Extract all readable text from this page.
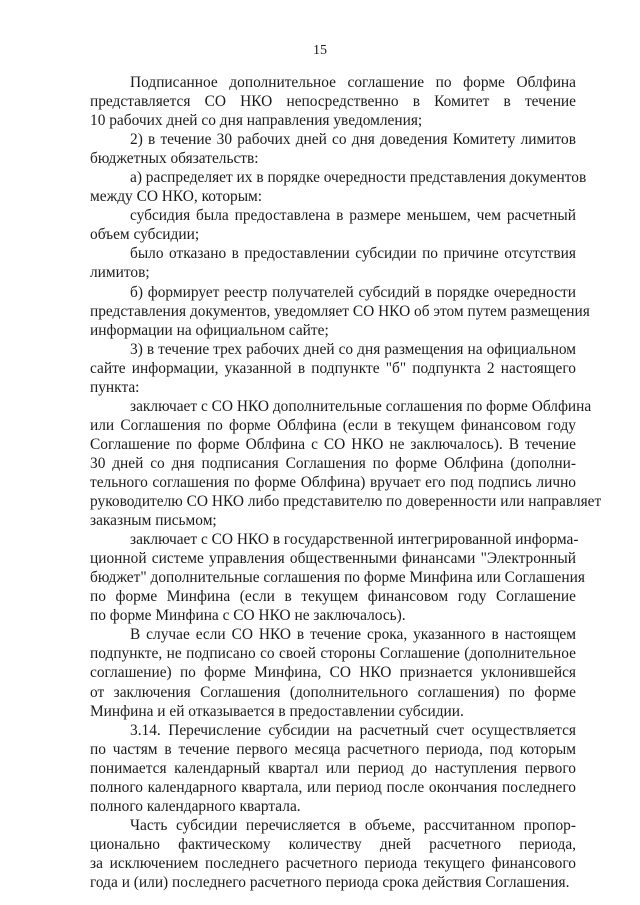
15
Подписанное дополнительное соглашение по форме Облфина
представляется СО НКО непосредственно в Комитет в течение
10 рабочих дней со дня направления уведомления;
2) в течение 30 рабочих дней со дня доведения Комитету лимитов
бюджетных обязательств:
а) распределяет их в порядке очередности представления документов
между СО НКО, которым:
субсидия была предоставлена в размере меньшем, чем расчетный
объем субсидии;
было отказано в предоставлении субсидии по причине отсутствия
лимитов;
б) формирует реестр получателей субсидий в порядке очередности
представления документов, уведомляет СО НКО об этом путем размещения
информации на официальном сайте;
3) в течение трех рабочих дней со дня размещения на официальном
сайте информации, указанной в подпункте "б" подпункта 2 настоящего
пункта:
заключает с СО НКО дополнительные соглашения по форме Облфина
или Соглашения по форме Облфина (если в текущем финансовом году
Соглашение по форме Облфина с СО НКО не заключалось). В течение
30 дней со дня подписания Соглашения по форме Облфина (дополни-
тельного соглашения по форме Облфина) вручает его под подпись лично
руководителю СО НКО либо представителю по доверенности или направляет
заказным письмом;
заключает с СО НКО в государственной интегрированной информа-
ционной системе управления общественными финансами "Электронный
бюджет" дополнительные соглашения по форме Минфина или Соглашения
по форме Минфина (если в текущем финансовом году Соглашение
по форме Минфина с СО НКО не заключалось).
В случае если СО НКО в течение срока, указанного в настоящем
подпункте, не подписано со своей стороны Соглашение (дополнительное
соглашение) по форме Минфина, СО НКО признается уклонившейся
от заключения Соглашения (дополнительного соглашения) по форме
Минфина и ей отказывается в предоставлении субсидии.
3.14. Перечисление субсидии на расчетный счет осуществляется
по частям в течение первого месяца расчетного периода, под которым
понимается календарный квартал или период до наступления первого
полного календарного квартала, или период после окончания последнего
полного календарного квартала.
Часть субсидии перечисляется в объеме, рассчитанном пропор-
ционально фактическому количеству дней расчетного периода,
за исключением последнего расчетного периода текущего финансового
года и (или) последнего расчетного периода срока действия Соглашения.
